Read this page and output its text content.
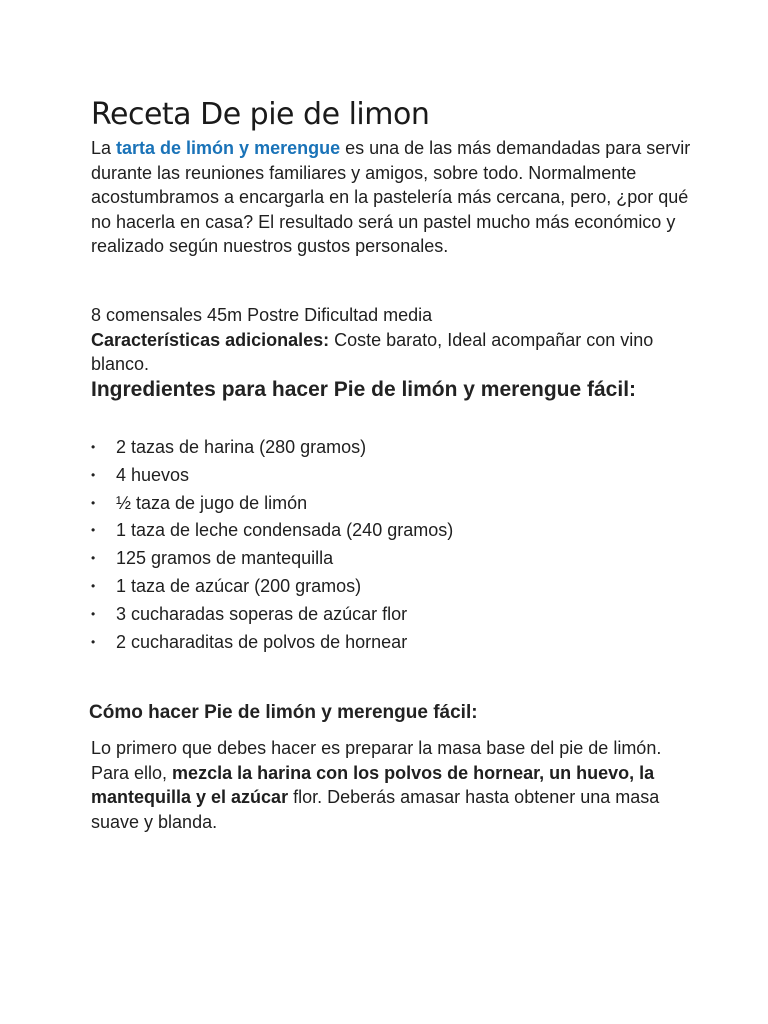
Receta De pie de limon

La tarta de limón y merengue es una de las más demandadas para servir durante las reuniones familiares y amigos, sobre todo. Normalmente acostumbramos a encargarla en la pastelería más cercana, pero, ¿por qué no hacerla en casa? El resultado será un pastel mucho más económico y realizado según nuestros gustos personales.

8 comensales 45m Postre Dificultad media
Características adicionales: Coste barato, Ideal acompañar con vino blanco.

Ingredientes para hacer Pie de limón y merengue fácil:
• 2 tazas de harina (280 gramos)
• 4 huevos
• ½ taza de jugo de limón
• 1 taza de leche condensada (240 gramos)
• 125 gramos de mantequilla
• 1 taza de azúcar (200 gramos)
• 3 cucharadas soperas de azúcar flor
• 2 cucharaditas de polvos de hornear
Cómo hacer Pie de limón y merengue fácil:

Lo primero que debes hacer es preparar la masa base del pie de limón. Para ello, mezcla la harina con los polvos de hornear, un huevo, la mantequilla y el azúcar flor. Deberás amasar hasta obtener una masa suave y blanda.
